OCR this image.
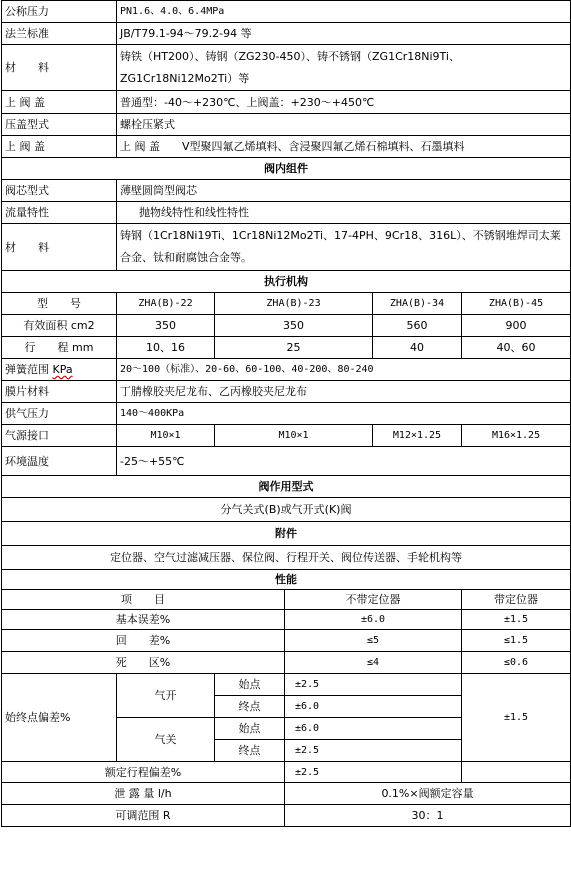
公称压力	PN1.6、4.0、6.4MPa				
法兰标准	JB/T79.1-94～79.2-94 等				
材　　料	铸铁（HT200）、铸钢（ZG230-450）、铸不锈钢（ZG1Cr18Ni9Ti、ZG1Cr18Ni12Mo2Ti）等				
上 阀 盖	普通型：-40～+230℃、上阀盖：+230～+450℃				
压盖型式	螺栓压紧式				
上 阀 盖	上 阀 盖 V型聚四氟乙烯填料、含浸聚四氟乙烯石棉填料、石墨填料				
阀内组件					
阀芯型式	薄壁圆筒型阀芯				
流量特性	抛物线特性和线性特性				
材　　料	铸钢（1Cr18Ni19Ti、1Cr18Ni12Mo2Ti、17-4PH、9Cr18、316L）、不锈钢堆焊司太莱合金、钛和耐腐蚀合金等。				
执行机构					
型　　号	ZHA(B)-22	ZHA(B)-23		ZHA(B)-34	ZHA(B)-45
有效面积 cm2	350	350		560	900
行　　程 mm	10、16	25		40	40、60
弹簧范围 KPa	20～100（标准）、20-60、60-100、40-200、80-240				
膜片材料	丁腈橡胶夹尼龙布、乙丙橡胶夹尼龙布				
供气压力	140～400KPa				
气源接口	M10×1	M10×1		M12×1.25	M16×1.25
环境温度	-25～+55℃				
阀作用型式					
分气关式(B)或气开式(K)阀					
附件					
定位器、空气过滤减压器、保位阀、行程开关、阀位传送器、手轮机构等					
性能					
项　　目			不带定位器		带定位器
基本误差%			±6.0		±1.5
回　　差%			≤5		≤1.5
死　　区%			≤4		≤0.6
始终点偏差%	气开	始点	±2.5		±1.5
		终点	±6.0		
	气关	始点	±6.0		
		终点	±2.5		
额定行程偏差%			±2.5		
泄 露 量 l/h			0.1%×阀额定容量		
可调范围 R			30：1		
